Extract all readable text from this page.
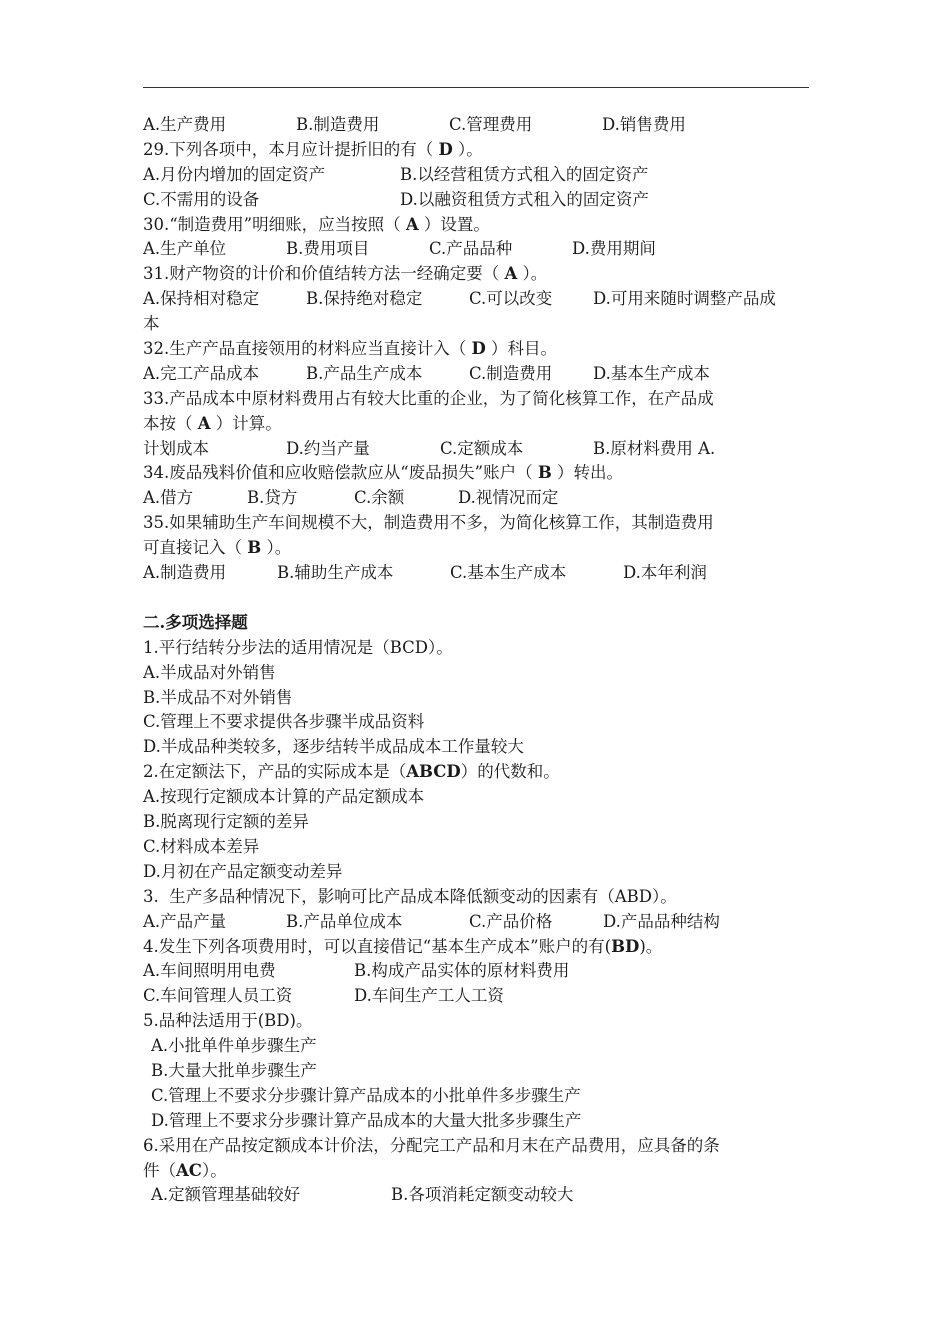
A.生产费用	B.制造费用	C.管理费用	D.销售费用
29.下列各项中，本月应计提折旧的有（ D ）。
A.月份内增加的固定资产	B.以经营租赁方式租入的固定资产
C.不需用的设备	D.以融资租赁方式租入的固定资产
30.“制造费用”明细账，应当按照（ A ）设置。
A.生产单位	B.费用项目	C.产品品种	D.费用期间
31.财产物资的计价和价值结转方法一经确定要（ A ）。
A.保持相对稳定	B.保持绝对稳定	C.可以改变 D.可用来随时调整产品成
本
32.生产产品直接领用的材料应当直接计入（ D ）科目。
A.完工产品成本	B.产品生产成本	C.制造费用 D.基本生产成本
33.产品成本中原材料费用占有较大比重的企业，为了简化核算工作，在产品成
本按（ A ）计算。
计划成本	D.约当产量	C.定额成本	B.原材料费用 A.
34.废品残料价值和应收赔偿款应从“废品损失”账户（ B ）转出。
A.借方	B.贷方	C.余额	D.视情况而定
35.如果辅助生产车间规模不大，制造费用不多，为简化核算工作，其制造费用
可直接记入（ B ）。
A.制造费用	B.辅助生产成本	C.基本生产成本	D.本年利润
二.多项选择题
1.平行结转分步法的适用情况是（BCD）。
A.半成品对外销售
B.半成品不对外销售
C.管理上不要求提供各步骤半成品资料
D.半成品种类较多，逐步结转半成品成本工作量较大
2.在定额法下，产品的实际成本是（ABCD）的代数和。
A.按现行定额成本计算的产品定额成本
B.脱离现行定额的差异
C.材料成本差异
D.月初在产品定额变动差异
3.  生产多品种情况下，影响可比产品成本降低额变动的因素有（ABD）。
A.产品产量	B.产品单位成本	C.产品价格	D.产品品种结构
4.发生下列各项费用时，可以直接借记“基本生产成本”账户的有(BD)。
A.车间照明用电费	B.构成产品实体的原材料费用
C.车间管理人员工资	D.车间生产工人工资
5.品种法适用于(BD)。
A.小批单件单步骤生产
B.大量大批单步骤生产
C.管理上不要求分步骤计算产品成本的小批单件多步骤生产
D.管理上不要求分步骤计算产品成本的大量大批多步骤生产
6.采用在产品按定额成本计价法，分配完工产品和月末在产品费用，应具备的条
件（AC）。
A.定额管理基础较好	B.各项消耗定额变动较大
